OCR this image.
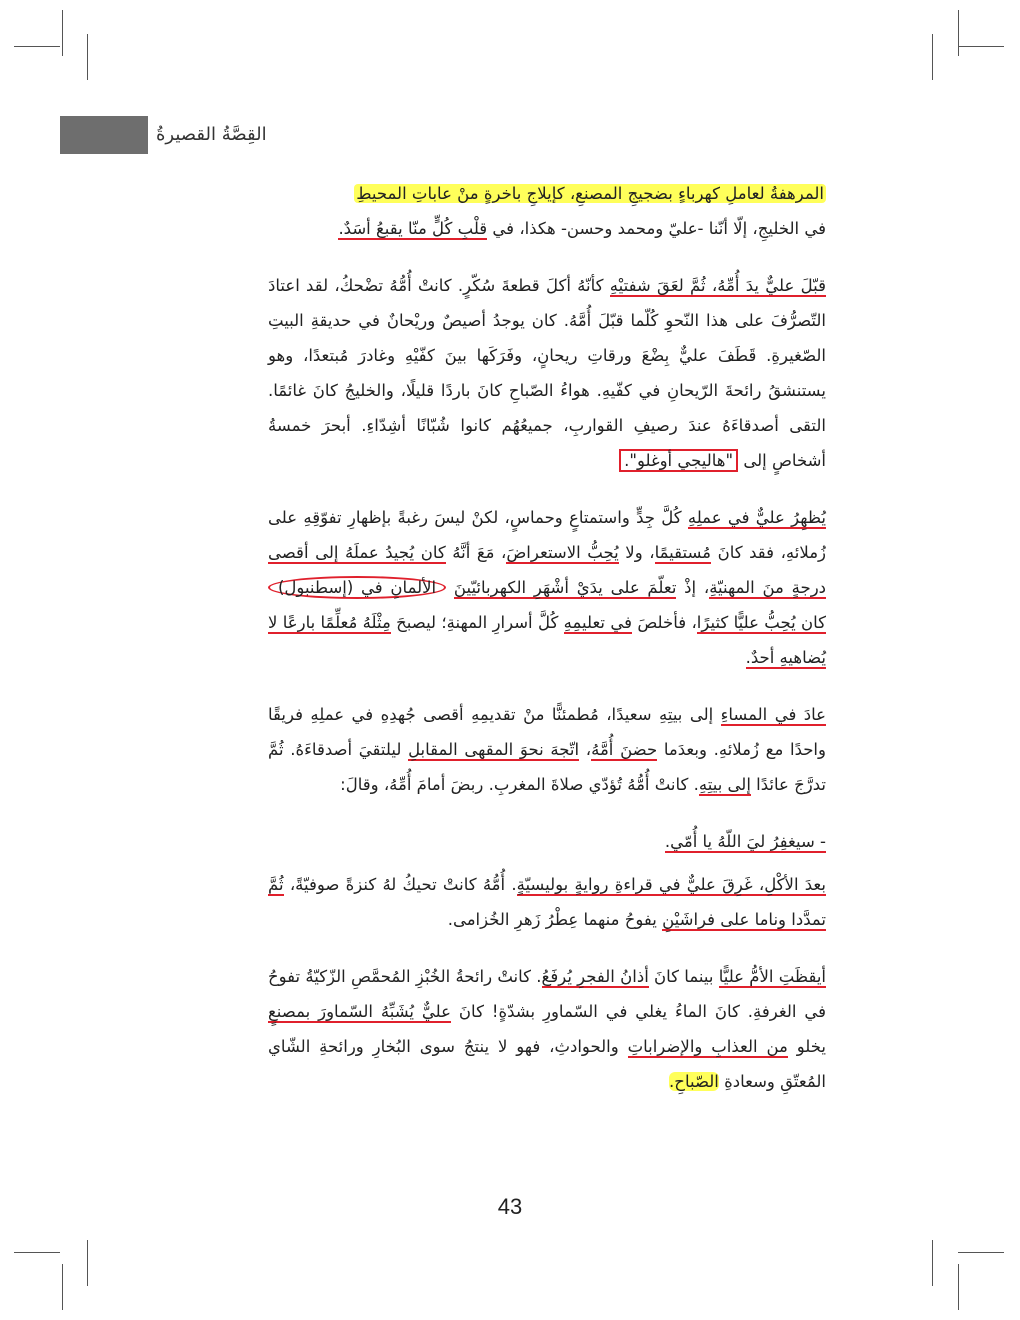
القِصَّةُ القصيرةُ

المرهفةُ لعاملِ كهرباءٍ بضجيجِ المصنعِ، كإيلاجِ باخرةٍ منْ عاباتِ المحيطِ
في الخليجِ، إلّا أنّنا -عليّ ومحمد وحسن- هكذا، في قلْبِ كُلٍّ منّا يقبعُ أسَدٌ.

قبّلَ عليٌّ يدَ أُمِّهُ، ثُمَّ لعَقَ شفتيْهِ كأنّهُ أكلَ قطعةَ سُكّرٍ. كانتْ أُمُّهُ تضْحكُ، لقد اعتادَ التّصرُّفَ على هذا النّحوِ كُلّما قبّلَ أُمَّهُ. كان يوجدُ أصيصٌ وريْحانٌ في حديقةِ البيتِ الصّغيرةِ. قَطَفَ عليٌّ بِضْعَ ورقاتِ ريحانٍ، وفَرَكَها بينَ كفّيْهِ وغادرَ مُبتعدًا، وهو يستنشقُ رائحةَ الرّيحانِ في كفّيهِ. هواءُ الصّباحِ كانَ باردًا قليلًا، والخليجُ كانَ غائمًا. التقى أصدقاءَهُ عندَ رصيفِ القواربِ، جميعُهُم كانوا شُبّانًا أشِدّاءِ. أبحرَ خمسةُ أشخاصٍ إلى "هاليجي أوغلو".

يُظهِرُ عليٌّ في عملِهِ كُلَّ جِدٍّ واستمتاعٍ وحماسٍ، لكنْ ليسَ رغبةً بإظهارِ تفوّقِهِ على زُملائهِ، فقد كانَ مُستقيمًا، ولا يُحِبُّ الاستعراضَ، مَعَ أنَّهُ كان يُجيدُ عملَهُ إلى أقصى درجةٍ منَ المهنيّةِ، إذْ تعلّمَ على يدَيْ أشْهَرِ الكهربائيّينَ الألمانِ في (إسطنبول) كان يُحِبُّ عليًّا كثيرًا، فأخلصَ في تعليمِهِ كُلَّ أسرارِ المهنةِ؛ ليصبحَ مِثْلَهُ مُعلِّمًا بارعًا لا يُضاهيهِ أحدٌ.

عادَ في المساءِ إلى بيتِهِ سعيدًا، مُطمئنًّا منْ تقديمِهِ أقصى جُهدِهِ في عملِهِ فريقًا واحدًا مع زُملائهِ. وبعدَما حضنَ أُمَّهُ، اتّجهَ نحوَ المقهى المقابلِ ليلتقيَ أصدقاءَهُ. ثُمَّ تدرَّجَ عائدًا إلى بيتِهِ. كانتْ أُمُّهُ تُؤدّي صلاةَ المغربِ. ربضَ أمامَ أُمِّهُ، وقالَ:

- سيغفِرُ ليَ اللّهُ يا أُمّي.

بعدَ الأكْلِ، غَرِقَ عليٌّ في قراءةِ روايةٍ بوليسيّةٍ. أُمُّهُ كانتْ تحيكُ لهُ كنزةً صوفيّةً، ثُمَّ تمدَّدا وناما على فراشَيْنِ يفوحُ منهما عِطْرُ زَهرِ الخُزامى.

أيقظَتِ الأمُّ عليًّا بينما كانَ أذانُ الفجرِ يُرفَعُ. كانتْ رائحةُ الخُبْزِ المُحمَّصِ الزّكيّةُ تفوحُ في الغرفةِ. كانَ الماءُ يغلي في السّماورِ بشدّةٍ! كانَ عليٌّ يُشَبِّهُ السّماورَ بمصنعٍ يخلو من العذابِ والإضراباتِ والحوادثِ، فهو لا ينتجُ سوى البُخارِ ورائحةِ الشّاي المُعتّقِ وسعادةِ الصّباحِ.

43
